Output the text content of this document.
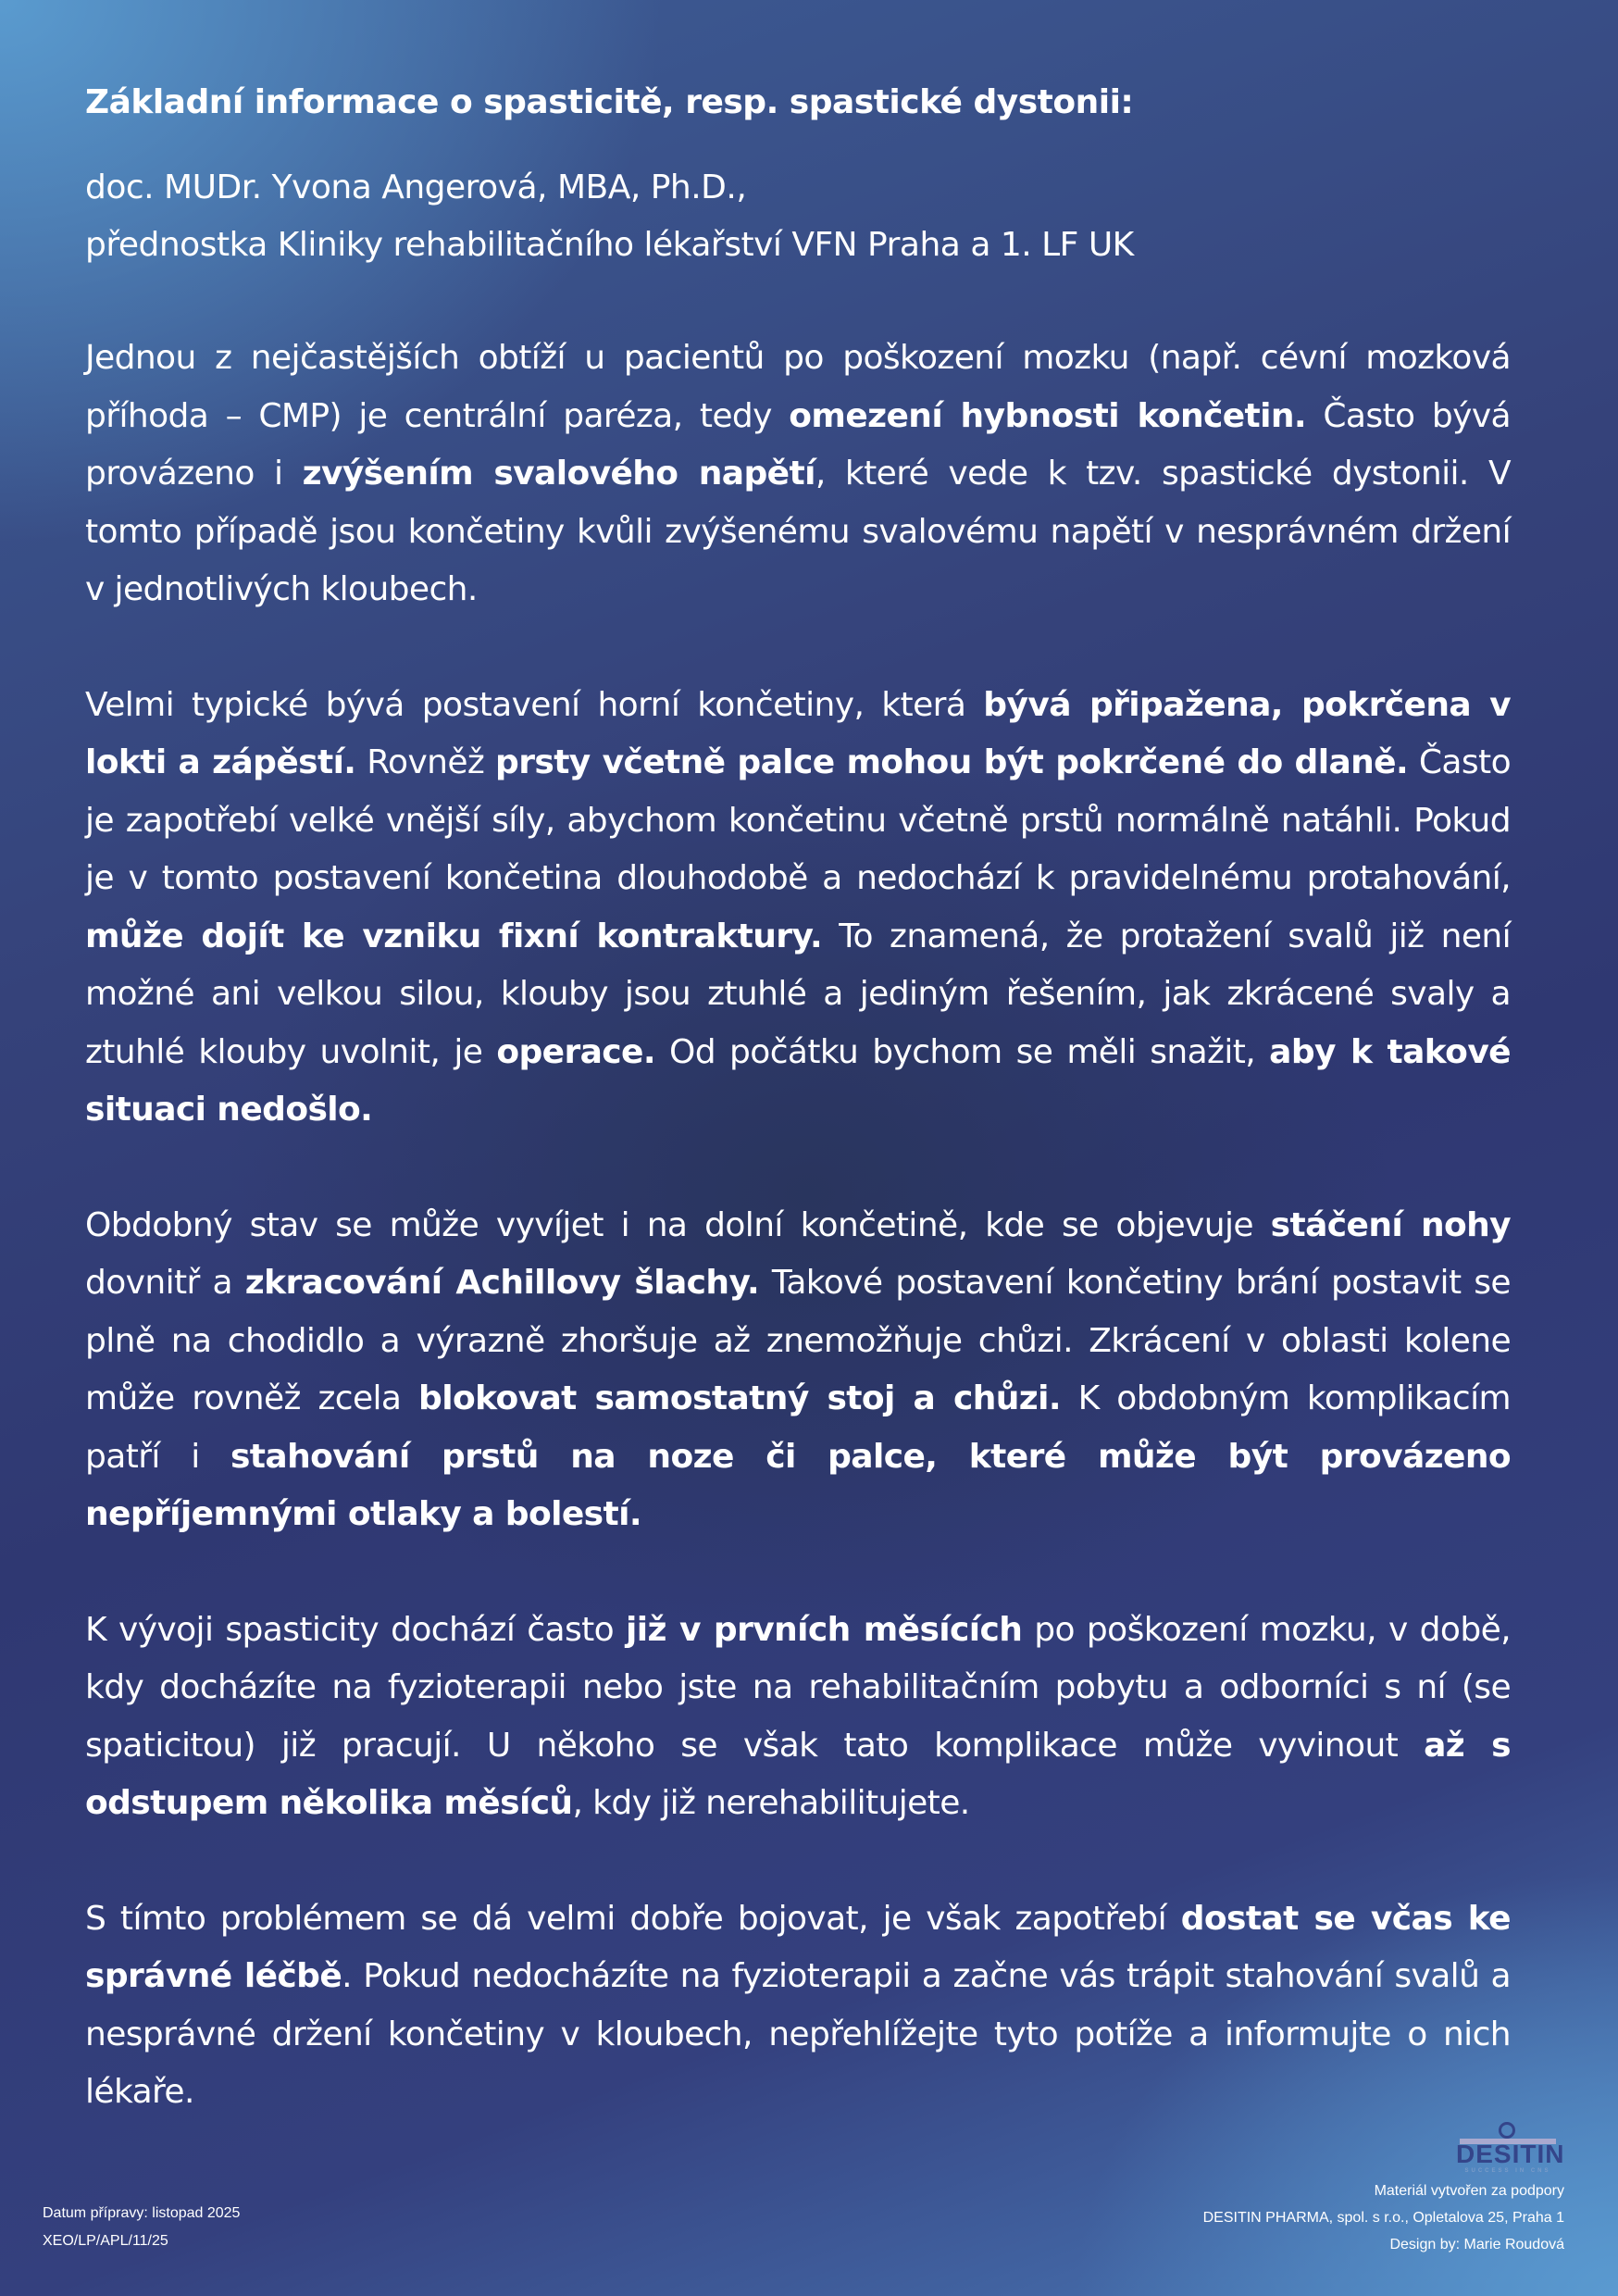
Základní informace o spasticitě, resp. spastické dystonii:
doc. MUDr. Yvona Angerová, MBA, Ph.D.,
přednostka Kliniky rehabilitačního lékařství VFN Praha a 1. LF UK

Jednou z nejčastějších obtíží u pacientů po poškození mozku (např. cévní mozková příhoda – CMP) je centrální paréza, tedy omezení hybnosti končetin. Často bývá provázeno i zvýšením svalového napětí, které vede k tzv. spastické dystonii. V tomto případě jsou končetiny kvůli zvýšenému svalovému napětí v nesprávném držení v jednotlivých kloubech.

Velmi typické bývá postavení horní končetiny, která bývá připažena, pokrčena v lokti a zápěstí. Rovněž prsty včetně palce mohou být pokrčené do dlaně. Často je zapotřebí velké vnější síly, abychom končetinu včetně prstů normálně natáhli. Pokud je v tomto postavení končetina dlouhodobě a nedochází k pravidelnému protahování, může dojít ke vzniku fixní kontraktury. To znamená, že protažení svalů již není možné ani velkou silou, klouby jsou ztuhlé a jediným řešením, jak zkrácené svaly a ztuhlé klouby uvolnit, je operace. Od počátku bychom se měli snažit, aby k takové situaci nedošlo.

Obdobný stav se může vyvíjet i na dolní končetině, kde se objevuje stáčení nohy dovnitř a zkracování Achillovy šlachy. Takové postavení končetiny brání postavit se plně na chodidlo a výrazně zhoršuje až znemožňuje chůzi. Zkrácení v oblasti kolene může rovněž zcela blokovat samostatný stoj a chůzi. K obdobným komplikacím patří i stahování prstů na noze či palce, které může být provázeno nepříjemnými otlaky a bolestí.

K vývoji spasticity dochází často již v prvních měsících po poškození mozku, v době, kdy docházíte na fyzioterapii nebo jste na rehabilitačním pobytu a odborníci s ní (se spaticitou) již pracují. U někoho se však tato komplikace může vyvinout až s odstupem několika měsíců, kdy již nerehabilitujete.

S tímto problémem se dá velmi dobře bojovat, je však zapotřebí dostat se včas ke správné léčbě. Pokud nedocházíte na fyzioterapii a začne vás trápit stahování svalů a nesprávné držení končetiny v kloubech, nepřehlížejte tyto potíže a informujte o nich lékaře.

Datum přípravy: listopad 2025
XEO/LP/APL/11/25
DESITIN
SUCCESS IN CNS
Materiál vytvořen za podpory
DESITIN PHARMA, spol. s r.o., Opletalova 25, Praha 1
Design by: Marie Roudová
